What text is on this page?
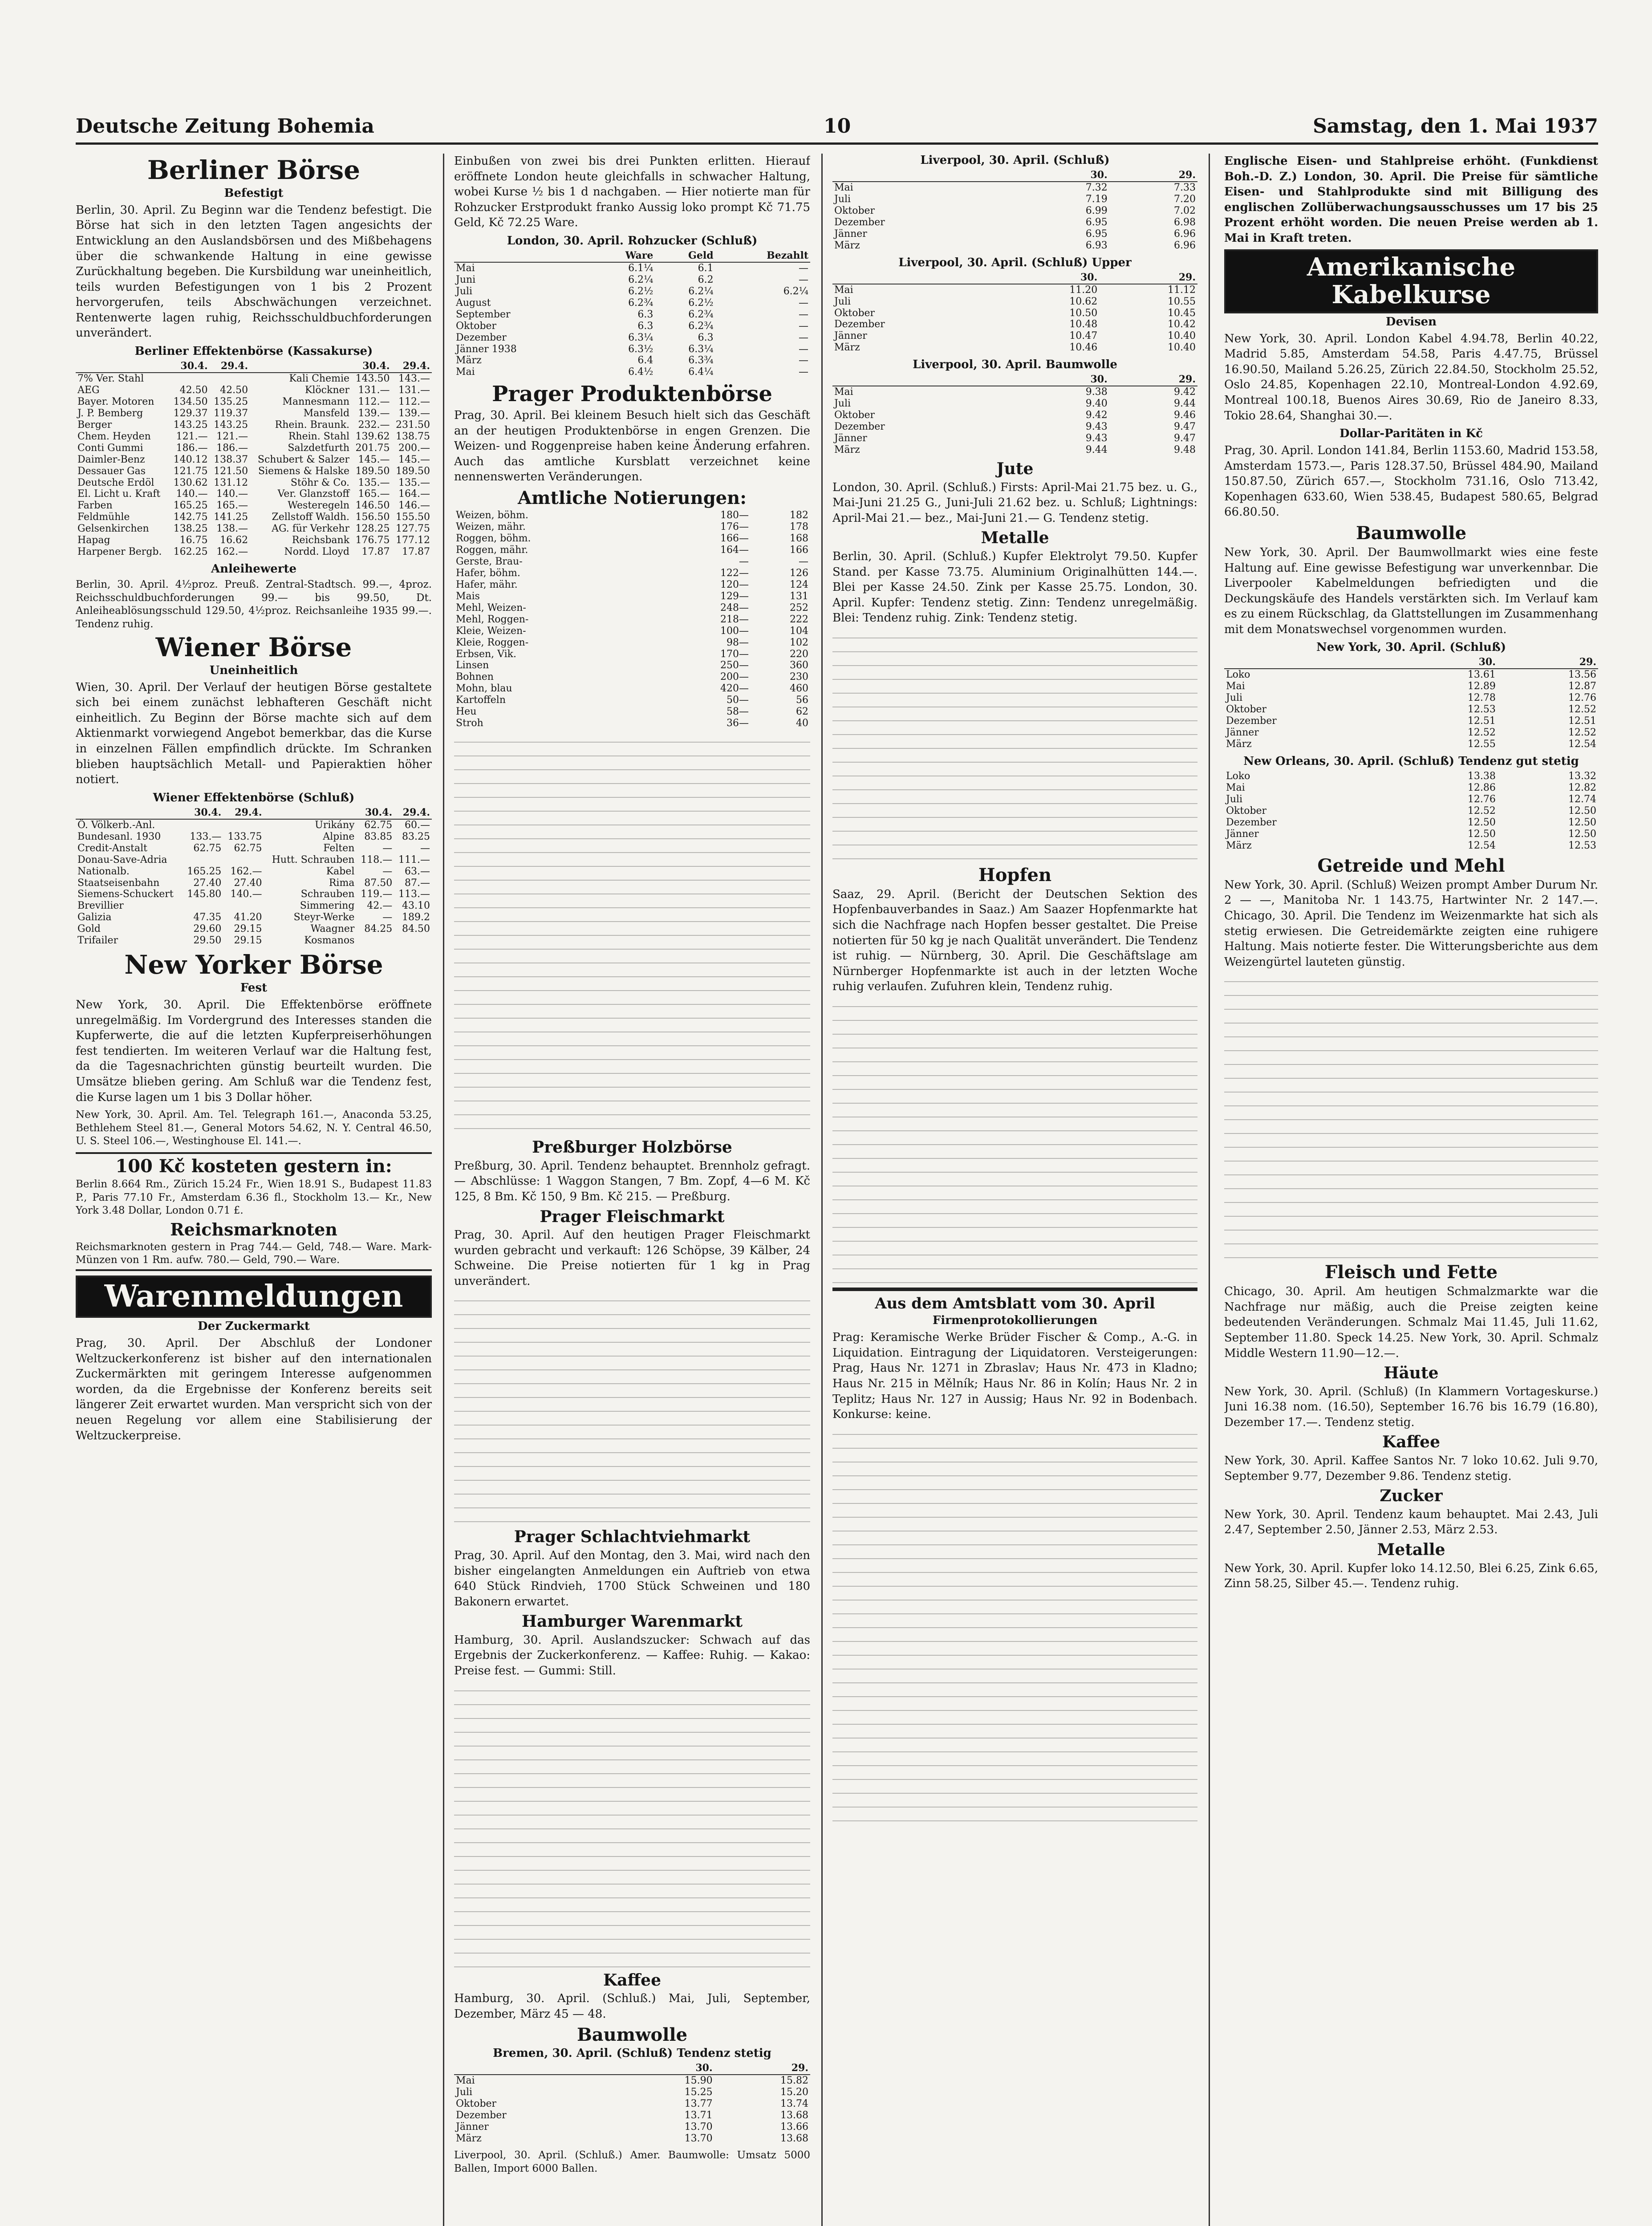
Deutsche Zeitung Bohemia	10	Samstag, den 1. Mai 1937
Berliner Börse
Befestigt

Berlin, 30. April. Zu Beginn war die Tendenz befestigt. Die Börse hat sich in den letzten Tagen angesichts der Entwicklung an den Auslandsbörsen und des Mißbehagens über die schwankende Haltung in eine gewisse Zurückhaltung begeben. Die Kursbildung war uneinheitlich, teils wurden Befestigungen von 1 bis 2 Prozent hervorgerufen, teils Abschwächungen verzeichnet. Rentenwerte lagen ruhig, Reichsschuldbuchforderungen unverändert.

Berliner Effektenbörse (Kassakurse)
	30.4.	29.4.		30.4.	29.4.
7% Ver. Stahl			Kali Chemie	143.50	143.—
AEG	42.50	42.50	Klöckner	131.—	131.—
Bayer. Motoren	134.50	135.25	Mannesmann	112.—	112.—
J. P. Bemberg	129.37	119.37	Mansfeld	139.—	139.—
Berger	143.25	143.25	Rhein. Braunk.	232.—	231.50
Chem. Heyden	121.—	121.—	Rhein. Stahl	139.62	138.75
Conti Gummi	186.—	186.—	Salzdetfurth	201.75	200.—
Daimler-Benz	140.12	138.37	Schubert & Salzer	145.—	145.—
Dessauer Gas	121.75	121.50	Siemens & Halske	189.50	189.50
Deutsche Erdöl	130.62	131.12	Stöhr & Co.	135.—	135.—
El. Licht u. Kraft	140.—	140.—	Ver. Glanzstoff	165.—	164.—
Farben	165.25	165.—	Westeregeln	146.50	146.—
Feldmühle	142.75	141.25	Zellstoff Waldh.	156.50	155.50
Gelsenkirchen	138.25	138.—	AG. für Verkehr	128.25	127.75
Hapag	16.75	16.62	Reichsbank	176.75	177.12
Harpener Bergb.	162.25	162.—	Nordd. Lloyd	17.87	17.87
Anleihewerte

Berlin, 30. April. 4½proz. Preuß. Zentral-Stadtsch. 99.—, 4proz. Reichsschuldbuchforderungen 99.— bis 99.50, Dt. Anleiheablösungsschuld 129.50, 4½proz. Reichsanleihe 1935 99.—. Tendenz ruhig.

Wiener Börse
Uneinheitlich

Wien, 30. April. Der Verlauf der heutigen Börse gestaltete sich bei einem zunächst lebhafteren Geschäft nicht einheitlich. Zu Beginn der Börse machte sich auf dem Aktienmarkt vorwiegend Angebot bemerkbar, das die Kurse in einzelnen Fällen empfindlich drückte. Im Schranken blieben hauptsächlich Metall- und Papieraktien höher notiert.

Wiener Effektenbörse (Schluß)
	30.4.	29.4.		30.4.	29.4.
Ö. Völkerb.-Anl.			Urikány	62.75	60.—
Bundesanl. 1930	133.—	133.75	Alpine	83.85	83.25
Credit-Anstalt	62.75	62.75	Felten	—	—
Donau-Save-Adria			Hutt. Schrauben	118.—	111.—
Nationalb.	165.25	162.—	Kabel	—	63.—
Staatseisenbahn	27.40	27.40	Rima	87.50	87.—
Siemens-Schuckert	145.80	140.—	Schrauben	119.—	113.—
Brevillier			Simmering	42.—	43.10
Galizia	47.35	41.20	Steyr-Werke	—	189.2
Gold	29.60	29.15	Waagner	84.25	84.50
Trifailer	29.50	29.15	Kosmanos		
New Yorker Börse
Fest

New York, 30. April. Die Effektenbörse eröffnete unregelmäßig. Im Vordergrund des Interesses standen die Kupferwerte, die auf die letzten Kupferpreiserhöhungen fest tendierten. Im weiteren Verlauf war die Haltung fest, da die Tagesnachrichten günstig beurteilt wurden. Die Umsätze blieben gering. Am Schluß war die Tendenz fest, die Kurse lagen um 1 bis 3 Dollar höher.

New York, 30. April. Am. Tel. Telegraph 161.—, Anaconda 53.25, Bethlehem Steel 81.—, General Motors 54.62, N. Y. Central 46.50, U. S. Steel 106.—, Westinghouse El. 141.—.

100 Kč kosteten gestern in:

Berlin 8.664 Rm., Zürich 15.24 Fr., Wien 18.91 S., Budapest 11.83 P., Paris 77.10 Fr., Amsterdam 6.36 fl., Stockholm 13.— Kr., New York 3.48 Dollar, London 0.71 £.

Reichsmarknoten

Reichsmarknoten gestern in Prag 744.— Geld, 748.— Ware. Mark-Münzen von 1 Rm. aufw. 780.— Geld, 790.— Ware.

Warenmeldungen
Der Zuckermarkt

Prag, 30. April. Der Abschluß der Londoner Weltzuckerkonferenz ist bisher auf den internationalen Zuckermärkten mit geringem Interesse aufgenommen worden, da die Ergebnisse der Konferenz bereits seit längerer Zeit erwartet wurden. Man verspricht sich von der neuen Regelung vor allem eine Stabilisierung der Weltzuckerpreise.

Einbußen von zwei bis drei Punkten erlitten. Hierauf eröffnete London heute gleichfalls in schwacher Haltung, wobei Kurse ½ bis 1 d nachgaben. — Hier notierte man für Rohzucker Erstprodukt franko Aussig loko prompt Kč 71.75 Geld, Kč 72.25 Ware.

London, 30. April. Rohzucker (Schluß)
	Ware	Geld	Bezahlt
Mai	6.1¼	6.1	—
Juni	6.2¼	6.2	—
Juli	6.2½	6.2¼	6.2¼
August	6.2¾	6.2½	—
September	6.3	6.2¾	—
Oktober	6.3	6.2¾	—
Dezember	6.3¼	6.3	—
Jänner 1938	6.3½	6.3¼	—
März	6.4	6.3¾	—
Mai	6.4½	6.4¼	—
Prager Produktenbörse

Prag, 30. April. Bei kleinem Besuch hielt sich das Geschäft an der heutigen Produktenbörse in engen Grenzen. Die Weizen- und Roggenpreise haben keine Änderung erfahren. Auch das amtliche Kursblatt verzeichnet keine nennenswerten Veränderungen.

Amtliche Notierungen:
Weizen, böhm.	180—	182
Weizen, mähr.	176—	178
Roggen, böhm.	166—	168
Roggen, mähr.	164—	166
Gerste, Brau-	—	—
Hafer, böhm.	122—	126
Hafer, mähr.	120—	124
Mais	129—	131
Mehl, Weizen-	248—	252
Mehl, Roggen-	218—	222
Kleie, Weizen-	100—	104
Kleie, Roggen-	98—	102
Erbsen, Vik.	170—	220
Linsen	250—	360
Bohnen	200—	230
Mohn, blau	420—	460
Kartoffeln	50—	56
Heu	58—	62
Stroh	36—	40
Preßburger Holzbörse

Preßburg, 30. April. Tendenz behauptet. Brennholz gefragt. — Abschlüsse: 1 Waggon Stangen, 7 Bm. Zopf, 4—6 M. Kč 125, 8 Bm. Kč 150, 9 Bm. Kč 215. — Preßburg.

Prager Fleischmarkt

Prag, 30. April. Auf den heutigen Prager Fleischmarkt wurden gebracht und verkauft: 126 Schöpse, 39 Kälber, 24 Schweine. Die Preise notierten für 1 kg in Prag unverändert.

Prager Schlachtviehmarkt

Prag, 30. April. Auf den Montag, den 3. Mai, wird nach den bisher eingelangten Anmeldungen ein Auftrieb von etwa 640 Stück Rindvieh, 1700 Stück Schweinen und 180 Bakonern erwartet.

Hamburger Warenmarkt

Hamburg, 30. April. Auslandszucker: Schwach auf das Ergebnis der Zuckerkonferenz. — Kaffee: Ruhig. — Kakao: Preise fest. — Gummi: Still.

Kaffee

Hamburg, 30. April. (Schluß.) Mai, Juli, September, Dezember, März 45 — 48.

Baumwolle
Bremen, 30. April. (Schluß) Tendenz stetig
	30.	29.
Mai	15.90	15.82
Juli	15.25	15.20
Oktober	13.77	13.74
Dezember	13.71	13.68
Jänner	13.70	13.66
März	13.70	13.68

Liverpool, 30. April. (Schluß.) Amer. Baumwolle: Umsatz 5000 Ballen, Import 6000 Ballen.

Liverpool, 30. April. (Schluß)
	30.	29.
Mai	7.32	7.33
Juli	7.19	7.20
Oktober	6.99	7.02
Dezember	6.95	6.98
Jänner	6.95	6.96
März	6.93	6.96
Liverpool, 30. April. (Schluß) Upper
	30.	29.
Mai	11.20	11.12
Juli	10.62	10.55
Oktober	10.50	10.45
Dezember	10.48	10.42
Jänner	10.47	10.40
März	10.46	10.40
Liverpool, 30. April. Baumwolle
	30.	29.
Mai	9.38	9.42
Juli	9.40	9.44
Oktober	9.42	9.46
Dezember	9.43	9.47
Jänner	9.43	9.47
März	9.44	9.48
Jute

London, 30. April. (Schluß.) Firsts: April-Mai 21.75 bez. u. G., Mai-Juni 21.25 G., Juni-Juli 21.62 bez. u. Schluß; Lightnings: April-Mai 21.— bez., Mai-Juni 21.— G. Tendenz stetig.

Metalle

Berlin, 30. April. (Schluß.) Kupfer Elektrolyt 79.50. Kupfer Stand. per Kasse 73.75. Aluminium Originalhütten 144.—. Blei per Kasse 24.50. Zink per Kasse 25.75. London, 30. April. Kupfer: Tendenz stetig. Zinn: Tendenz unregelmäßig. Blei: Tendenz ruhig. Zink: Tendenz stetig.

Hopfen

Saaz, 29. April. (Bericht der Deutschen Sektion des Hopfenbauverbandes in Saaz.) Am Saazer Hopfenmarkte hat sich die Nachfrage nach Hopfen besser gestaltet. Die Preise notierten für 50 kg je nach Qualität unverändert. Die Tendenz ist ruhig. — Nürnberg, 30. April. Die Geschäftslage am Nürnberger Hopfenmarkte ist auch in der letzten Woche ruhig verlaufen. Zufuhren klein, Tendenz ruhig.

Aus dem Amtsblatt vom 30. April
Firmenprotokollierungen

Prag: Keramische Werke Brüder Fischer & Comp., A.-G. in Liquidation. Eintragung der Liquidatoren. Versteigerungen: Prag, Haus Nr. 1271 in Zbraslav; Haus Nr. 473 in Kladno; Haus Nr. 215 in Mělník; Haus Nr. 86 in Kolín; Haus Nr. 2 in Teplitz; Haus Nr. 127 in Aussig; Haus Nr. 92 in Bodenbach. Konkurse: keine.

Englische Eisen- und Stahlpreise erhöht. (Funkdienst Boh.-D. Z.) London, 30. April. Die Preise für sämtliche Eisen- und Stahlprodukte sind mit Billigung des englischen Zollüberwachungsausschusses um 17 bis 25 Prozent erhöht worden. Die neuen Preise werden ab 1. Mai in Kraft treten.

Amerikanische Kabelkurse
Devisen

New York, 30. April. London Kabel 4.94.78, Berlin 40.22, Madrid 5.85, Amsterdam 54.58, Paris 4.47.75, Brüssel 16.90.50, Mailand 5.26.25, Zürich 22.84.50, Stockholm 25.52, Oslo 24.85, Kopenhagen 22.10, Montreal-London 4.92.69, Montreal 100.18, Buenos Aires 30.69, Rio de Janeiro 8.33, Tokio 28.64, Shanghai 30.—.

Dollar-Paritäten in Kč

Prag, 30. April. London 141.84, Berlin 1153.60, Madrid 153.58, Amsterdam 1573.—, Paris 128.37.50, Brüssel 484.90, Mailand 150.87.50, Zürich 657.—, Stockholm 731.16, Oslo 713.42, Kopenhagen 633.60, Wien 538.45, Budapest 580.65, Belgrad 66.80.50.

Baumwolle

New York, 30. April. Der Baumwollmarkt wies eine feste Haltung auf. Eine gewisse Befestigung war unverkennbar. Die Liverpooler Kabelmeldungen befriedigten und die Deckungskäufe des Handels verstärkten sich. Im Verlauf kam es zu einem Rückschlag, da Glattstellungen im Zusammenhang mit dem Monatswechsel vorgenommen wurden.

New York, 30. April. (Schluß)
	30.	29.
Loko	13.61	13.56
Mai	12.89	12.87
Juli	12.78	12.76
Oktober	12.53	12.52
Dezember	12.51	12.51
Jänner	12.52	12.52
März	12.55	12.54
New Orleans, 30. April. (Schluß) Tendenz gut stetig
Loko	13.38	13.32
Mai	12.86	12.82
Juli	12.76	12.74
Oktober	12.52	12.50
Dezember	12.50	12.50
Jänner	12.50	12.50
März	12.54	12.53
Getreide und Mehl

New York, 30. April. (Schluß) Weizen prompt Amber Durum Nr. 2 — —, Manitoba Nr. 1 143.75, Hartwinter Nr. 2 147.—. Chicago, 30. April. Die Tendenz im Weizenmarkte hat sich als stetig erwiesen. Die Getreidemärkte zeigten eine ruhigere Haltung. Mais notierte fester. Die Witterungsberichte aus dem Weizengürtel lauteten günstig.

Fleisch und Fette

Chicago, 30. April. Am heutigen Schmalzmarkte war die Nachfrage nur mäßig, auch die Preise zeigten keine bedeutenden Veränderungen. Schmalz Mai 11.45, Juli 11.62, September 11.80. Speck 14.25. New York, 30. April. Schmalz Middle Western 11.90—12.—.

Häute

New York, 30. April. (Schluß) (In Klammern Vortageskurse.) Juni 16.38 nom. (16.50), September 16.76 bis 16.79 (16.80), Dezember 17.—. Tendenz stetig.

Kaffee

New York, 30. April. Kaffee Santos Nr. 7 loko 10.62. Juli 9.70, September 9.77, Dezember 9.86. Tendenz stetig.

Zucker

New York, 30. April. Tendenz kaum behauptet. Mai 2.43, Juli 2.47, September 2.50, Jänner 2.53, März 2.53.

Metalle

New York, 30. April. Kupfer loko 14.12.50, Blei 6.25, Zink 6.65, Zinn 58.25, Silber 45.—. Tendenz ruhig.
